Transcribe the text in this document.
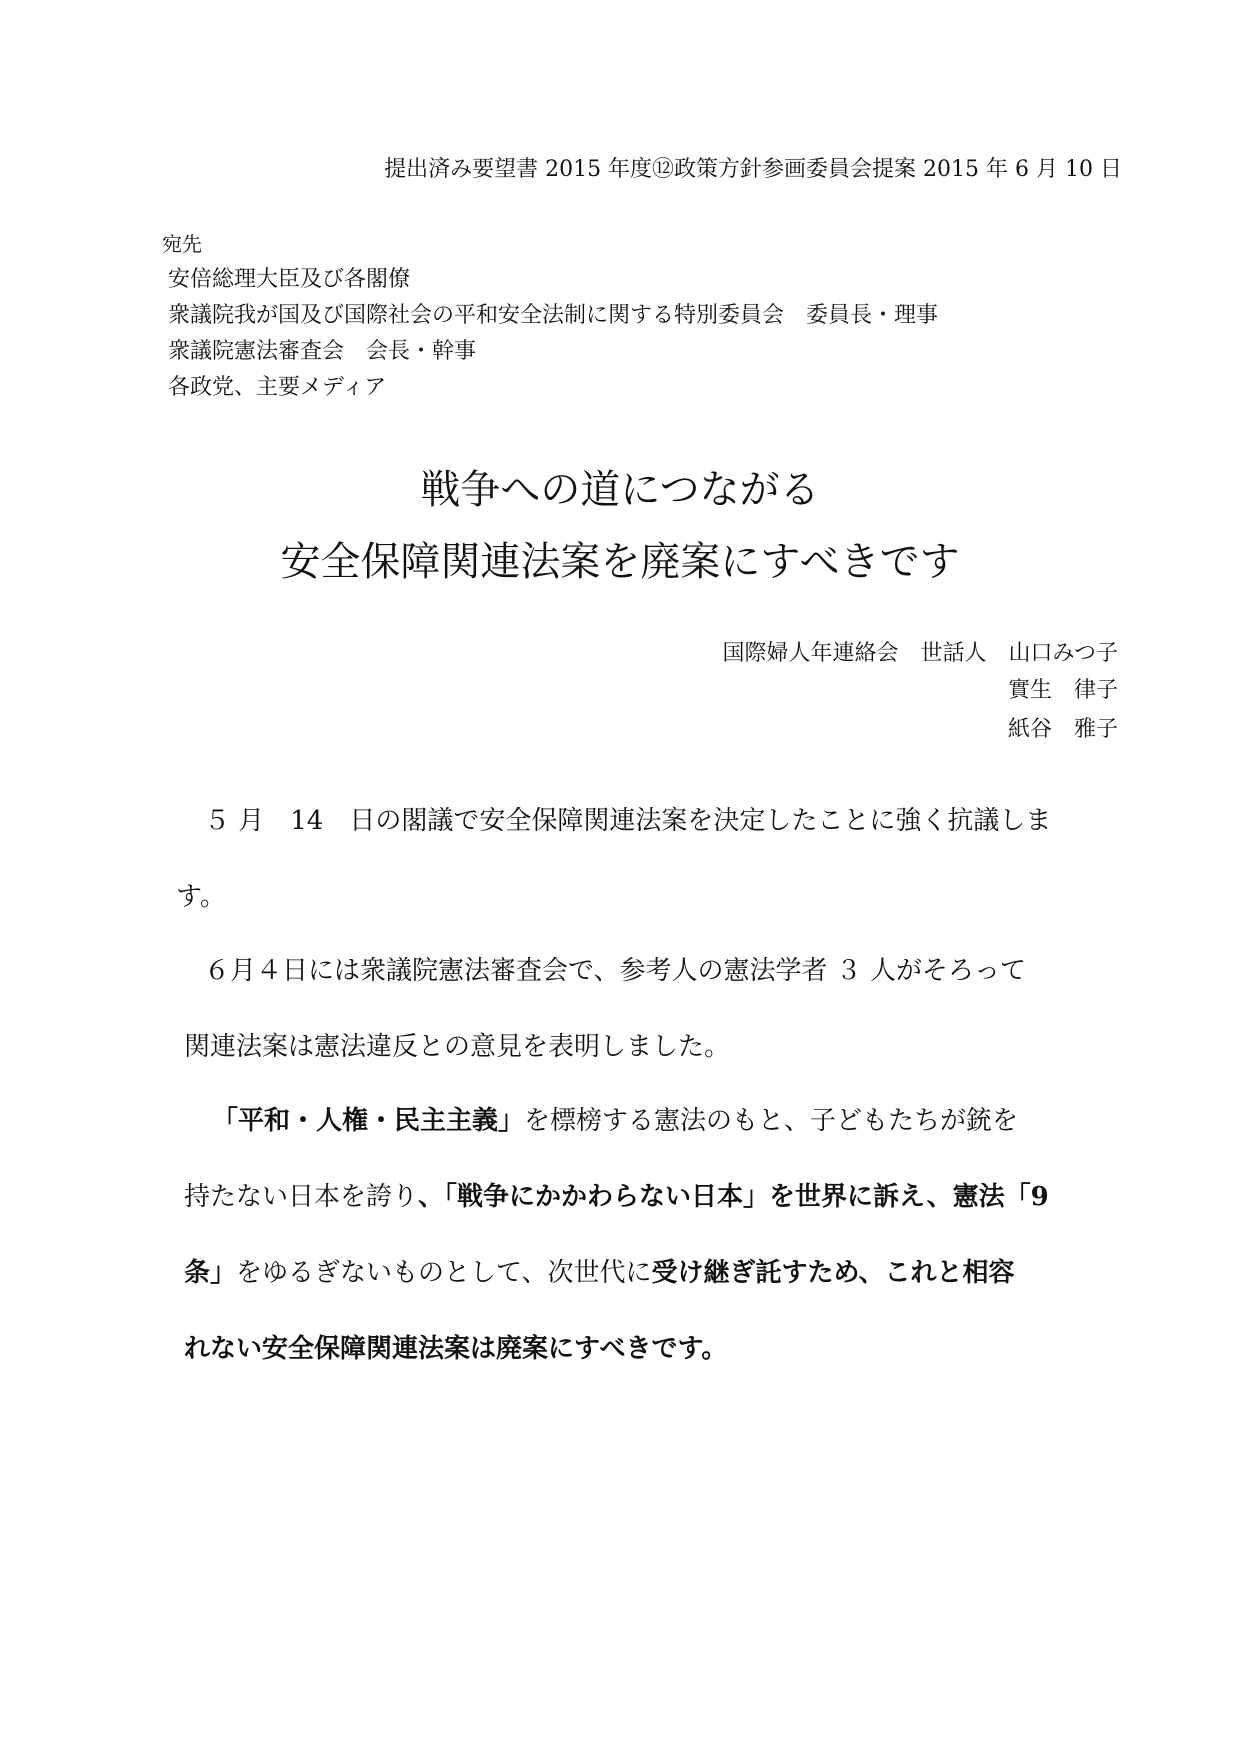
提出済み要望書 2015 年度⑫政策方針参画委員会提案 2015 年 6 月 10 日
宛先
安倍総理大臣及び各閣僚
衆議院我が国及び国際社会の平和安全法制に関する特別委員会　委員長・理事
衆議院憲法審査会　会長・幹事
各政党、主要メディア
戦争への道につながる
安全保障関連法案を廃案にすべきです
国際婦人年連絡会　世話人　山口みつ子
實生　律子
紙谷　雅子
５ 月　14　日の閣議で安全保障関連法案を決定したことに強く抗議しま
す。
６月４日には衆議院憲法審査会で、参考人の憲法学者 ３ 人がそろって
関連法案は憲法違反との意見を表明しました。
「平和・人権・民主主義」を標榜する憲法のもと、子どもたちが銃を
持たない日本を誇り、「戦争にかかわらない日本」を世界に訴え、憲法「9
条」をゆるぎないものとして、次世代に受け継ぎ託すため、これと相容
れない安全保障関連法案は廃案にすべきです。
